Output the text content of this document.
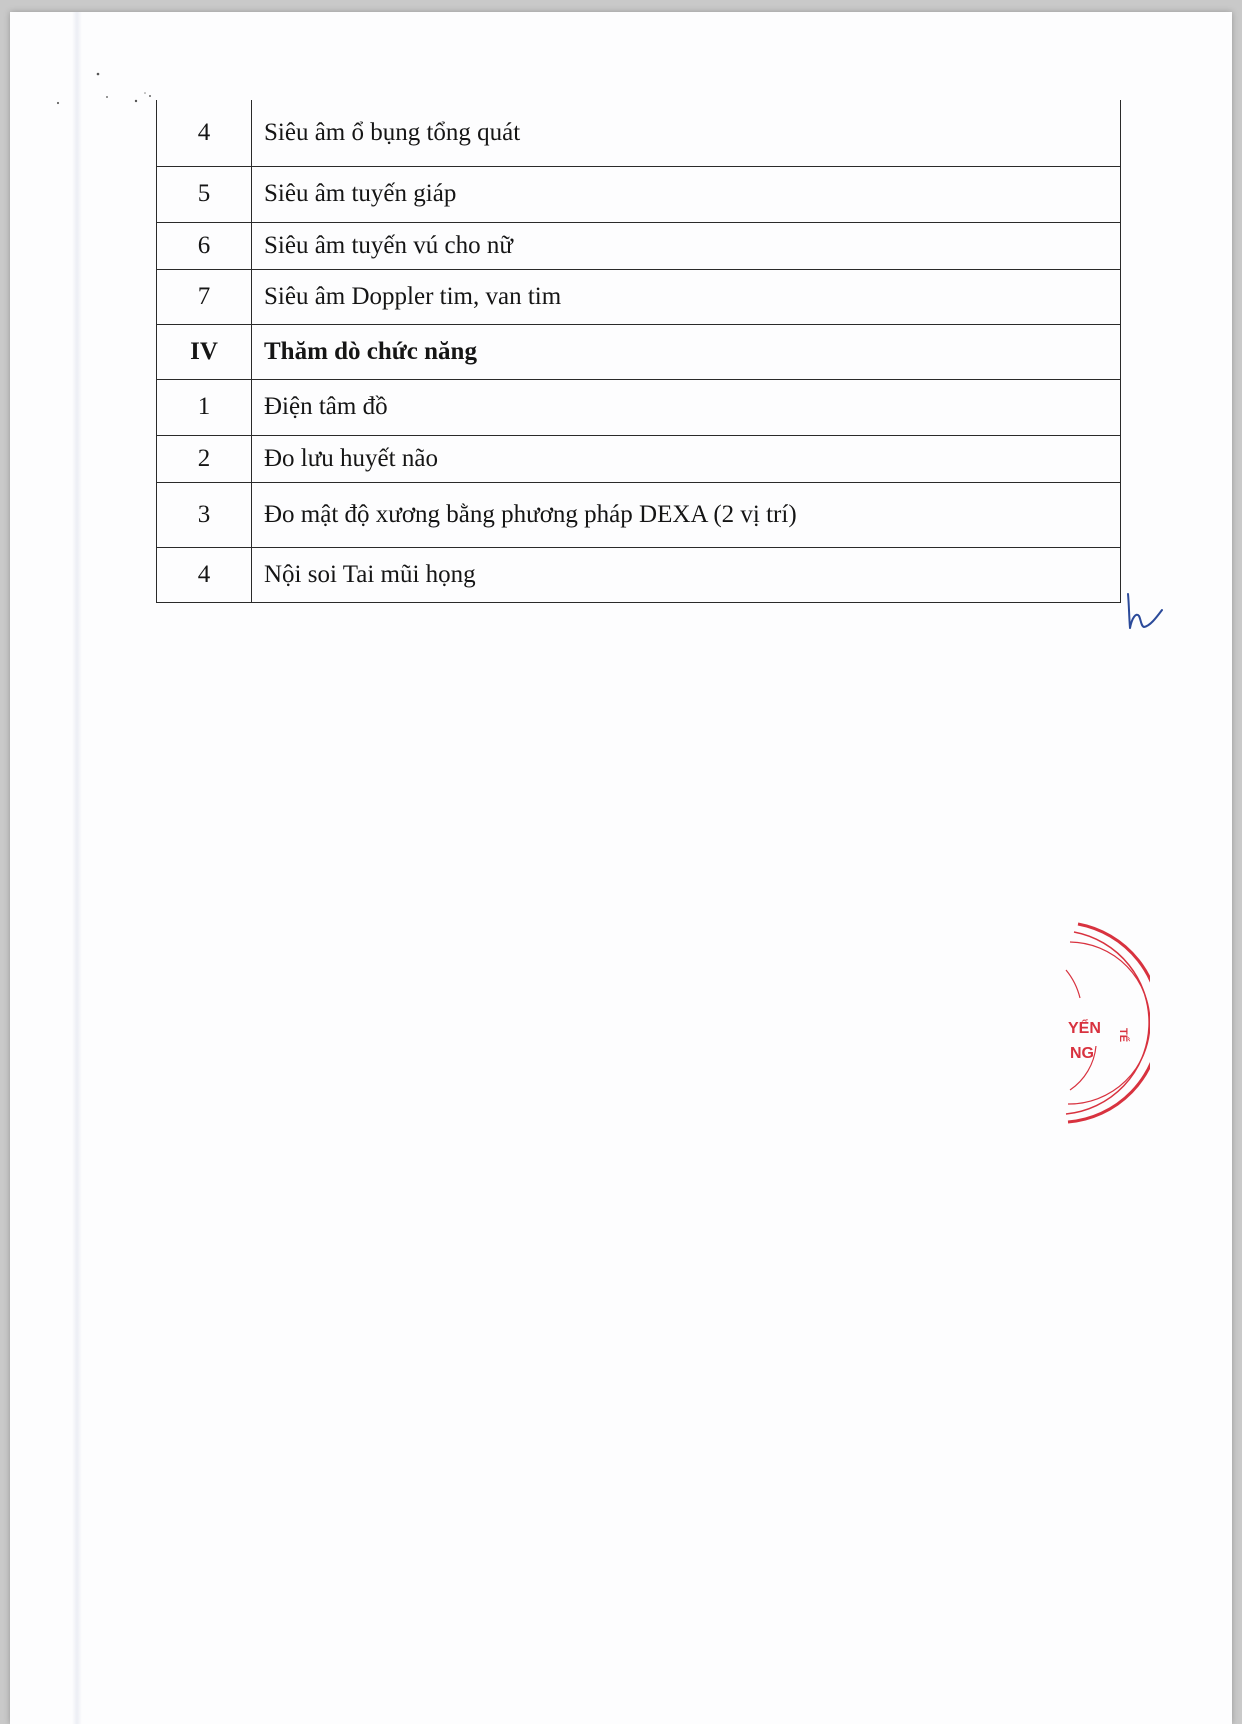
4	Siêu âm ổ bụng tổng quát
5	Siêu âm tuyến giáp
6	Siêu âm tuyến vú cho nữ
7	Siêu âm Doppler tim, van tim
IV	Thăm dò chức năng
1	Điện tâm đồ
2	Đo lưu huyết não
3	Đo mật độ xương bằng phương pháp DEXA (2 vị trí)
4	Nội soi Tai mũi họng
YỂN
NG
TẾ
